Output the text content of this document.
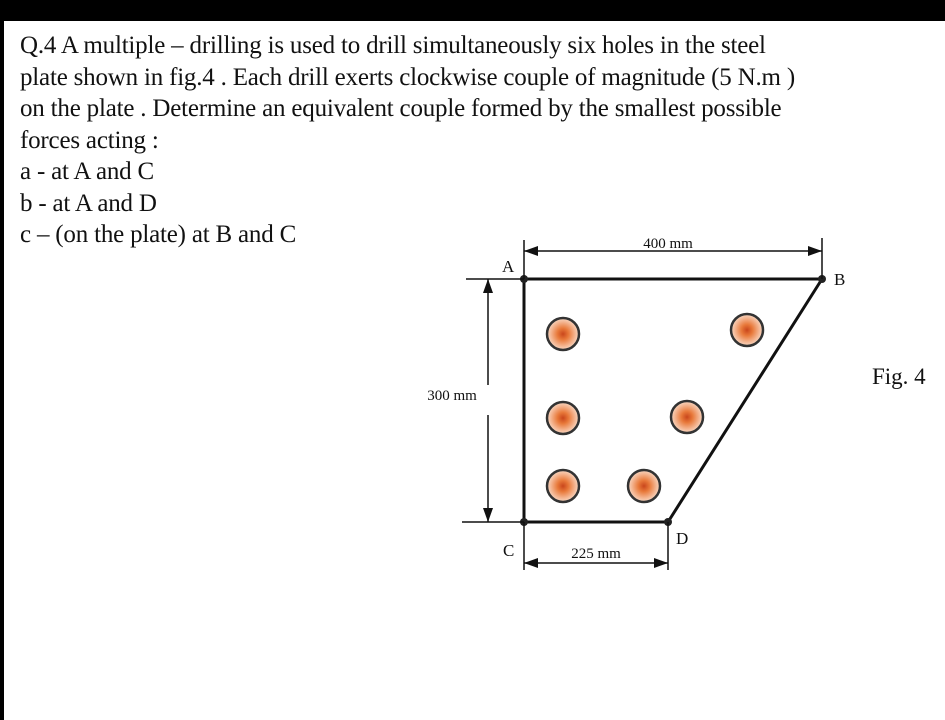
Q.4 A multiple – drilling is used to drill simultaneously six holes in the steel
plate shown in fig.4 . Each drill exerts clockwise couple of magnitude (5 N.m )
on the plate . Determine an equivalent couple formed by the smallest possible
forces acting :
a - at A and C
b - at A and D
c – (on the plate) at B and C	400 mm
300 mm
225 mm
A
B
C
D
Fig. 4
